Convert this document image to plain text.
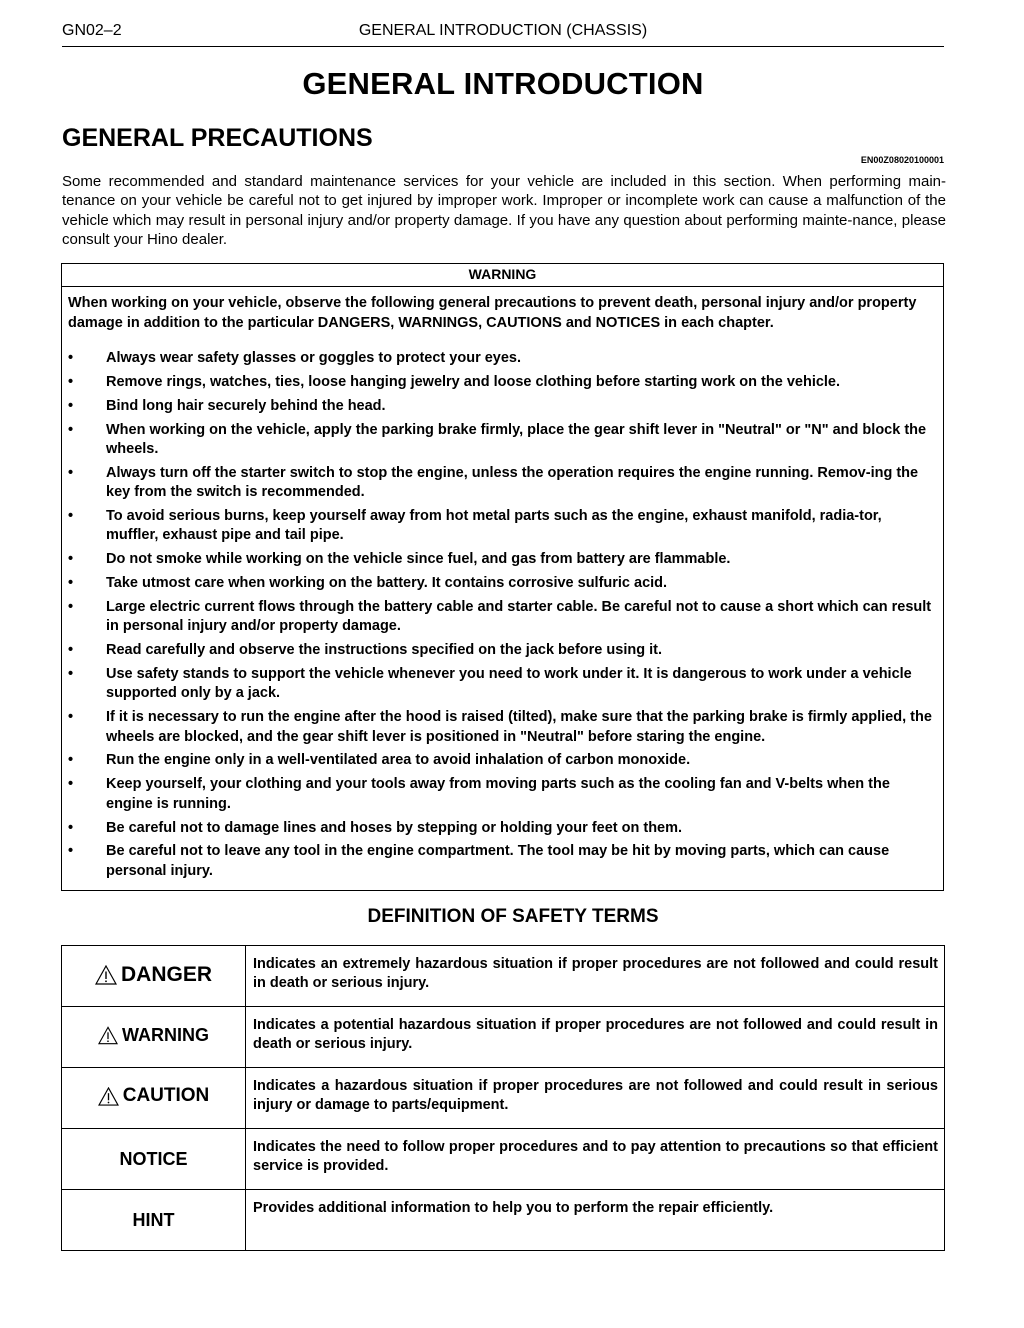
GN02–2	GENERAL INTRODUCTION (CHASSIS)
GENERAL INTRODUCTION
GENERAL PRECAUTIONS
EN00Z08020100001
Some recommended and standard maintenance services for your vehicle are included in this section. When performing main-tenance on your vehicle be careful not to get injured by improper work. Improper or incomplete work can cause a malfunction of the vehicle which may result in personal injury and/or property damage. If you have any question about performing mainte-nance, please consult your Hino dealer.
WARNING
When working on your vehicle, observe the following general precautions to prevent death, personal injury and/or property damage in addition to the particular DANGERS, WARNINGS, CAUTIONS and NOTICES in each chapter.
• Always wear safety glasses or goggles to protect your eyes.
• Remove rings, watches, ties, loose hanging jewelry and loose clothing before starting work on the vehicle.
• Bind long hair securely behind the head.
• When working on the vehicle, apply the parking brake firmly, place the gear shift lever in "Neutral" or "N" and block the wheels.
• Always turn off the starter switch to stop the engine, unless the operation requires the engine running. Remov-ing the key from the switch is recommended.
• To avoid serious burns, keep yourself away from hot metal parts such as the engine, exhaust manifold, radia-tor, muffler, exhaust pipe and tail pipe.
• Do not smoke while working on the vehicle since fuel, and gas from battery are flammable.
• Take utmost care when working on the battery. It contains corrosive sulfuric acid.
• Large electric current flows through the battery cable and starter cable. Be careful not to cause a short which can result in personal injury and/or property damage.
• Read carefully and observe the instructions specified on the jack before using it.
• Use safety stands to support the vehicle whenever you need to work under it. It is dangerous to work under a vehicle supported only by a jack.
• If it is necessary to run the engine after the hood is raised (tilted), make sure that the parking brake is firmly applied, the wheels are blocked, and the gear shift lever is positioned in "Neutral" before staring the engine.
• Run the engine only in a well-ventilated area to avoid inhalation of carbon monoxide.
• Keep yourself, your clothing and your tools away from moving parts such as the cooling fan and V-belts when the engine is running.
• Be careful not to damage lines and hoses by stepping or holding your feet on them.
• Be careful not to leave any tool in the engine compartment. The tool may be hit by moving parts, which can cause personal injury.
DEFINITION OF SAFETY TERMS
DANGER	Indicates an extremely hazardous situation if proper procedures are not followed and could result in death or serious injury.

WARNING	Indicates a potential hazardous situation if proper procedures are not followed and could result in death or serious injury.

CAUTION	Indicates a hazardous situation if proper procedures are not followed and could result in serious injury or damage to parts/equipment.
NOTICE	Indicates the need to follow proper procedures and to pay attention to precautions so that efficient service is provided.
HINT	Provides additional information to help you to perform the repair efficiently.
